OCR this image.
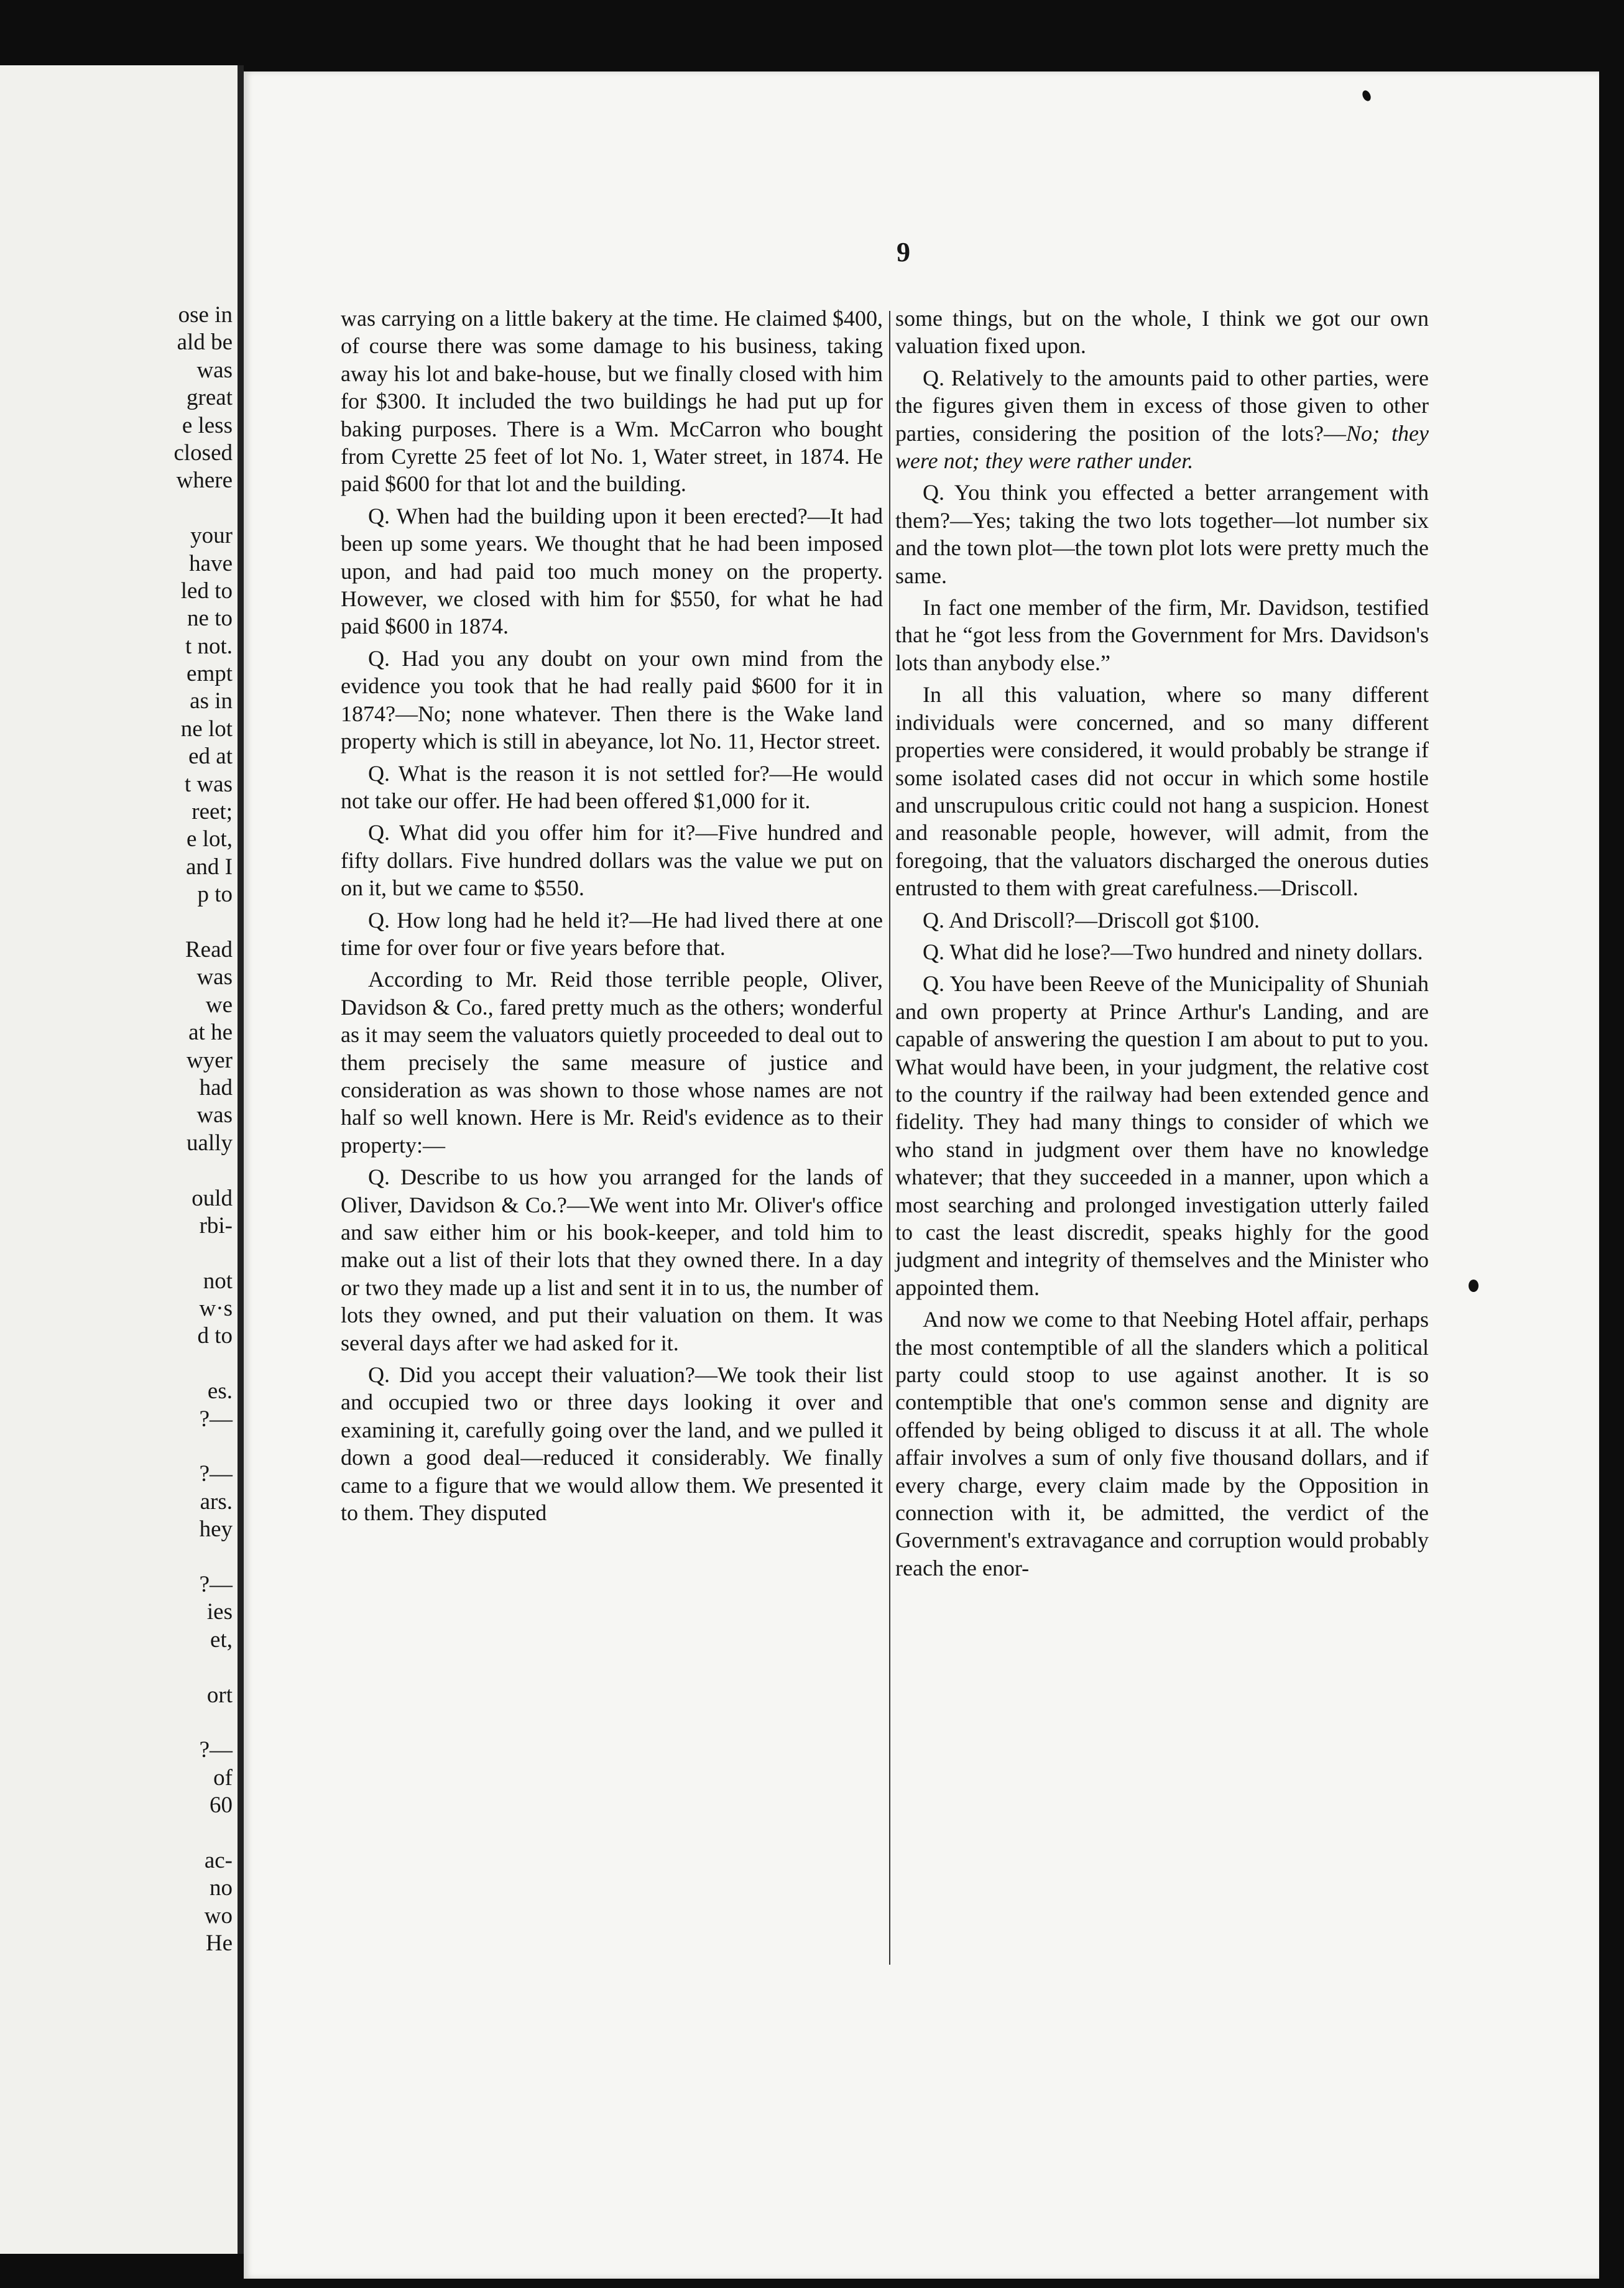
ose in
ald be
was
great
e less
closed
where
your
have
led to
ne to
t not.
empt
as in
ne lot
ed at
t was
reet;
e lot,
and I
p to
Read
was
we
at he
wyer
had
was
ually
ould
rbi-
not
w·s
d to
es.
?—
?—
ars.
hey
?—
ies
et,
ort
?—
of
60
ac-
no
wo
He
9

was carrying on a little bakery at the time. He claimed $400, of course there was some damage to his business, taking away his lot and bake-house, but we finally closed with him for $300. It included the two buildings he had put up for baking purposes. There is a Wm. McCarron who bought from Cyrette 25 feet of lot No. 1, Water street, in 1874. He paid $600 for that lot and the building.

Q. When had the building upon it been erected?—It had been up some years. We thought that he had been imposed upon, and had paid too much money on the property. However, we closed with him for $550, for what he had paid $600 in 1874.

Q. Had you any doubt on your own mind from the evidence you took that he had really paid $600 for it in 1874?—No; none whatever. Then there is the Wake land property which is still in abeyance, lot No. 11, Hector street.

Q. What is the reason it is not settled for?—He would not take our offer. He had been offered $1,000 for it.

Q. What did you offer him for it?—Five hundred and fifty dollars. Five hundred dollars was the value we put on on it, but we came to $550.

Q. How long had he held it?—He had lived there at one time for over four or five years before that.

According to Mr. Reid those terrible people, Oliver, Davidson & Co., fared pretty much as the others; wonderful as it may seem the valuators quietly proceeded to deal out to them precisely the same measure of justice and consideration as was shown to those whose names are not half so well known. Here is Mr. Reid's evidence as to their property:—

Q. Describe to us how you arranged for the lands of Oliver, Davidson & Co.?—We went into Mr. Oliver's office and saw either him or his book-keeper, and told him to make out a list of their lots that they owned there. In a day or two they made up a list and sent it in to us, the number of lots they owned, and put their valuation on them. It was several days after we had asked for it.

Q. Did you accept their valuation?—We took their list and occupied two or three days looking it over and examining it, carefully going over the land, and we pulled it down a good deal—reduced it considerably. We finally came to a figure that we would allow them. We presented it to them. They disputed

some things, but on the whole, I think we got our own valuation fixed upon.

Q. Relatively to the amounts paid to other parties, were the figures given them in excess of those given to other parties, considering the position of the lots?—No; they were not; they were rather under.

Q. You think you effected a better arrangement with them?—Yes; taking the two lots together—lot number six and the town plot—the town plot lots were pretty much the same.

In fact one member of the firm, Mr. Davidson, testified that he “got less from the Government for Mrs. Davidson's lots than anybody else.”

In all this valuation, where so many different individuals were concerned, and so many different properties were considered, it would probably be strange if some isolated cases did not occur in which some hostile and unscrupulous critic could not hang a suspicion. Honest and reasonable people, however, will admit, from the foregoing, that the valuators discharged the onerous duties entrusted to them with great carefulness.—Driscoll.

Q. And Driscoll?—Driscoll got $100.

Q. What did he lose?—Two hundred and ninety dollars.

Q. You have been Reeve of the Municipality of Shuniah and own property at Prince Arthur's Landing, and are capable of answering the question I am about to put to you. What would have been, in your judgment, the relative cost to the country if the railway had been extended gence and fidelity. They had many things to consider of which we who stand in judgment over them have no knowledge whatever; that they succeeded in a manner, upon which a most searching and prolonged investigation utterly failed to cast the least discredit, speaks highly for the good judgment and integrity of themselves and the Minister who appointed them.

And now we come to that Neebing Hotel affair, perhaps the most contemptible of all the slanders which a political party could stoop to use against another. It is so contemptible that one's common sense and dignity are offended by being obliged to discuss it at all. The whole affair involves a sum of only five thousand dollars, and if every charge, every claim made by the Opposition in connection with it, be admitted, the verdict of the Government's extravagance and corruption would probably reach the enor-
